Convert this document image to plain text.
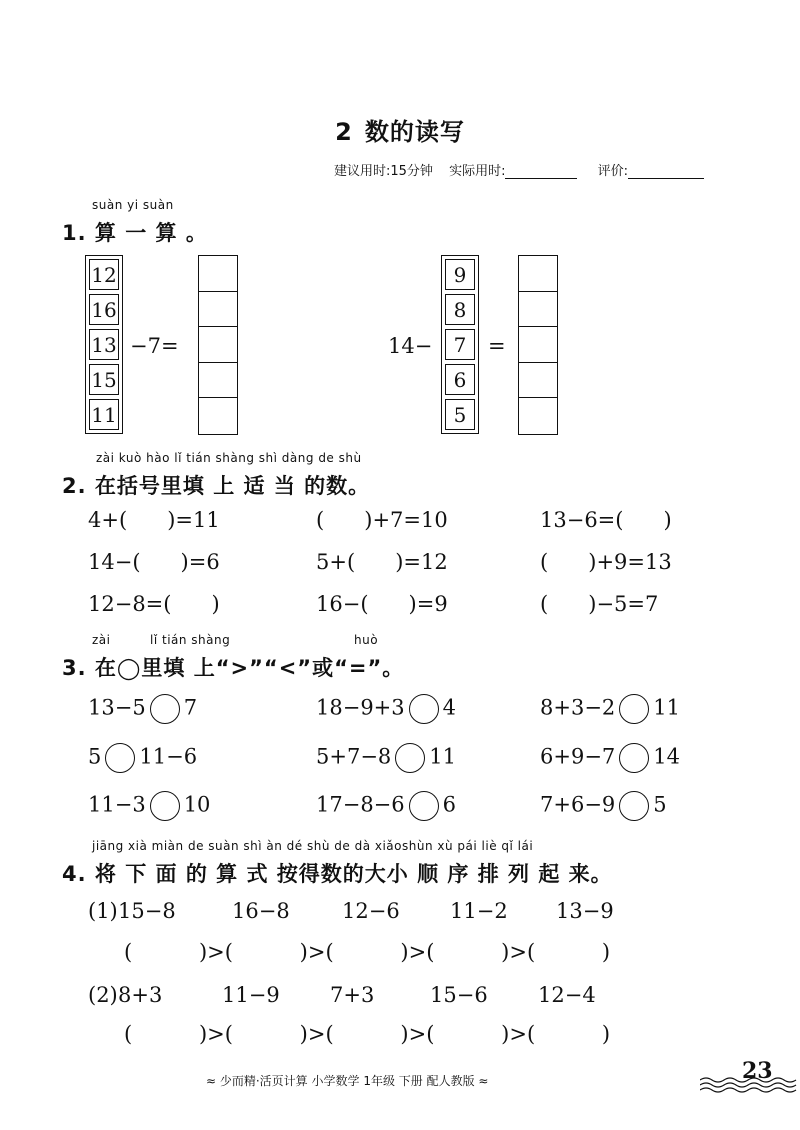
2 数的读写
建议用时:15分钟 实际用时:	评价:
suàn yi suàn
1. 算 一 算 。
12
16
13
15
11
−7=	14−
9
8
7
6
5
=
zài kuò hào lǐ tián shàng shì dàng de shù
2. 在括号里填 上 适 当 的数。
4+(      )=11	(      )+7=10	13−6=(      )
14−(      )=6	5+(      )=12	(      )+9=13
12−8=(      )	16−(      )=9	(      )−5=7
zài	lǐ tián shàng	huò
3. 在◯里填 上“>”“<”或“=”。
13−5 7	18−9+3 4	8+3−2 11
5 11−6	5+7−8 11	6+9−7 14
11−3 10	17−8−6 6	7+6−9 5
jiāng xià miàn de suàn shì àn dé shù de dà xiǎoshùn xù pái liè qǐ lái
4. 将 下 面 的 算 式 按得数的大小 顺 序 排 列 起 来。
(1) 15−8	16−8 12−6 11−2 13−9
(          )>(          )>(          )>(          )>(          )
(2) 8+3	11−9 7+3	15−6 12−4
(          )>(          )>(          )>(          )>(          )
≈ 少而精·活页计算 小学数学 1年级 下册 配人教版 ≈	23
